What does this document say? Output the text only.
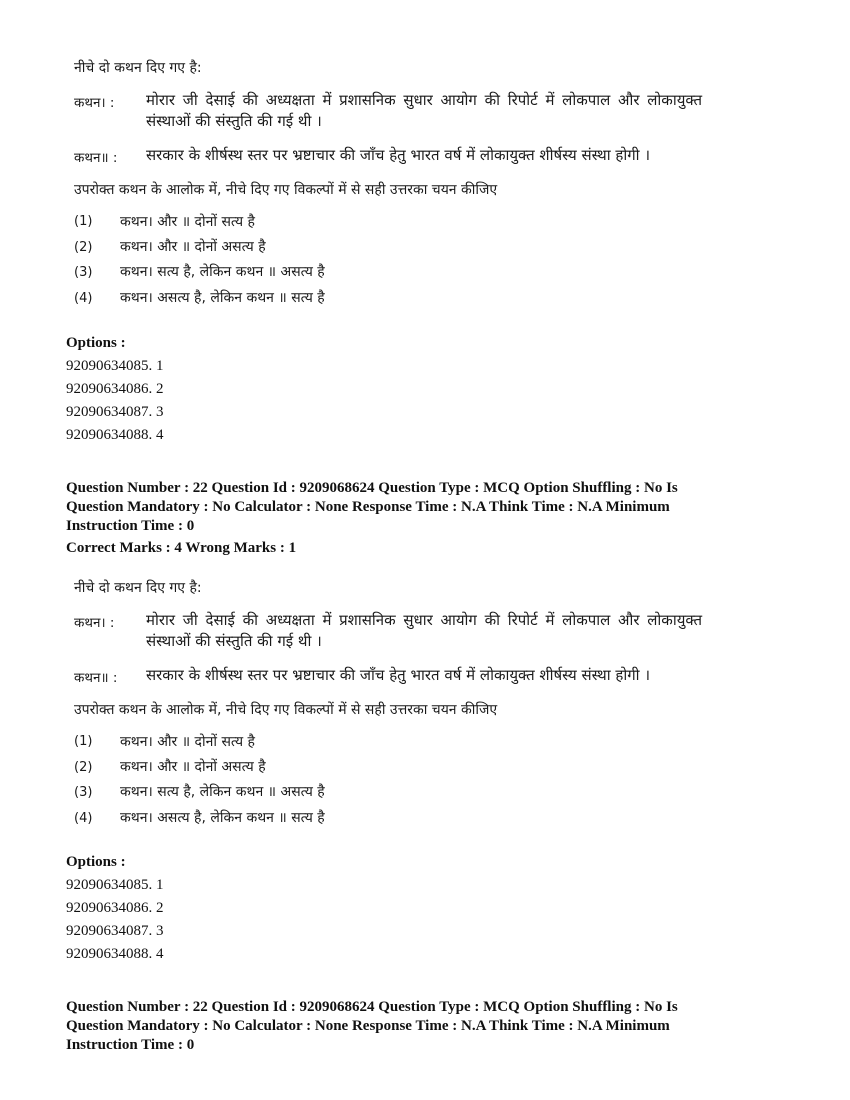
नीचे दो कथन दिए गए है:
कथन। : मोरार जी देसाई की अध्यक्षता में प्रशासनिक सुधार आयोग की रिपोर्ट में लोकपाल और लोकायुक्त संस्थाओं की संस्तुति की गई थी ।
कथन॥ : सरकार के शीर्षस्थ स्तर पर भ्रष्टाचार की जाँच हेतु भारत वर्ष में लोकायुक्त शीर्षस्य संस्था होगी ।
उपरोक्त कथन के आलोक में, नीचे दिए गए विकल्पों में से सही उत्तरका चयन कीजिए
(1) कथन। और ॥ दोनों सत्य है
(2) कथन। और ॥ दोनों असत्य है
(3) कथन। सत्य है, लेकिन कथन ॥ असत्य है
(4) कथन। असत्य है, लेकिन कथन ॥ सत्य है
Options :
92090634085. 1
92090634086. 2
92090634087. 3
92090634088. 4
Question Number : 22 Question Id : 9209068624 Question Type : MCQ Option Shuffling : No Is
Question Mandatory : No Calculator : None Response Time : N.A Think Time : N.A Minimum
Instruction Time : 0
Correct Marks : 4 Wrong Marks : 1
नीचे दो कथन दिए गए है:
कथन। : मोरार जी देसाई की अध्यक्षता में प्रशासनिक सुधार आयोग की रिपोर्ट में लोकपाल और लोकायुक्त संस्थाओं की संस्तुति की गई थी ।
कथन॥ : सरकार के शीर्षस्थ स्तर पर भ्रष्टाचार की जाँच हेतु भारत वर्ष में लोकायुक्त शीर्षस्य संस्था होगी ।
उपरोक्त कथन के आलोक में, नीचे दिए गए विकल्पों में से सही उत्तरका चयन कीजिए
(1) कथन। और ॥ दोनों सत्य है
(2) कथन। और ॥ दोनों असत्य है
(3) कथन। सत्य है, लेकिन कथन ॥ असत्य है
(4) कथन। असत्य है, लेकिन कथन ॥ सत्य है
Options :
92090634085. 1
92090634086. 2
92090634087. 3
92090634088. 4
Question Number : 22 Question Id : 9209068624 Question Type : MCQ Option Shuffling : No Is
Question Mandatory : No Calculator : None Response Time : N.A Think Time : N.A Minimum
Instruction Time : 0
